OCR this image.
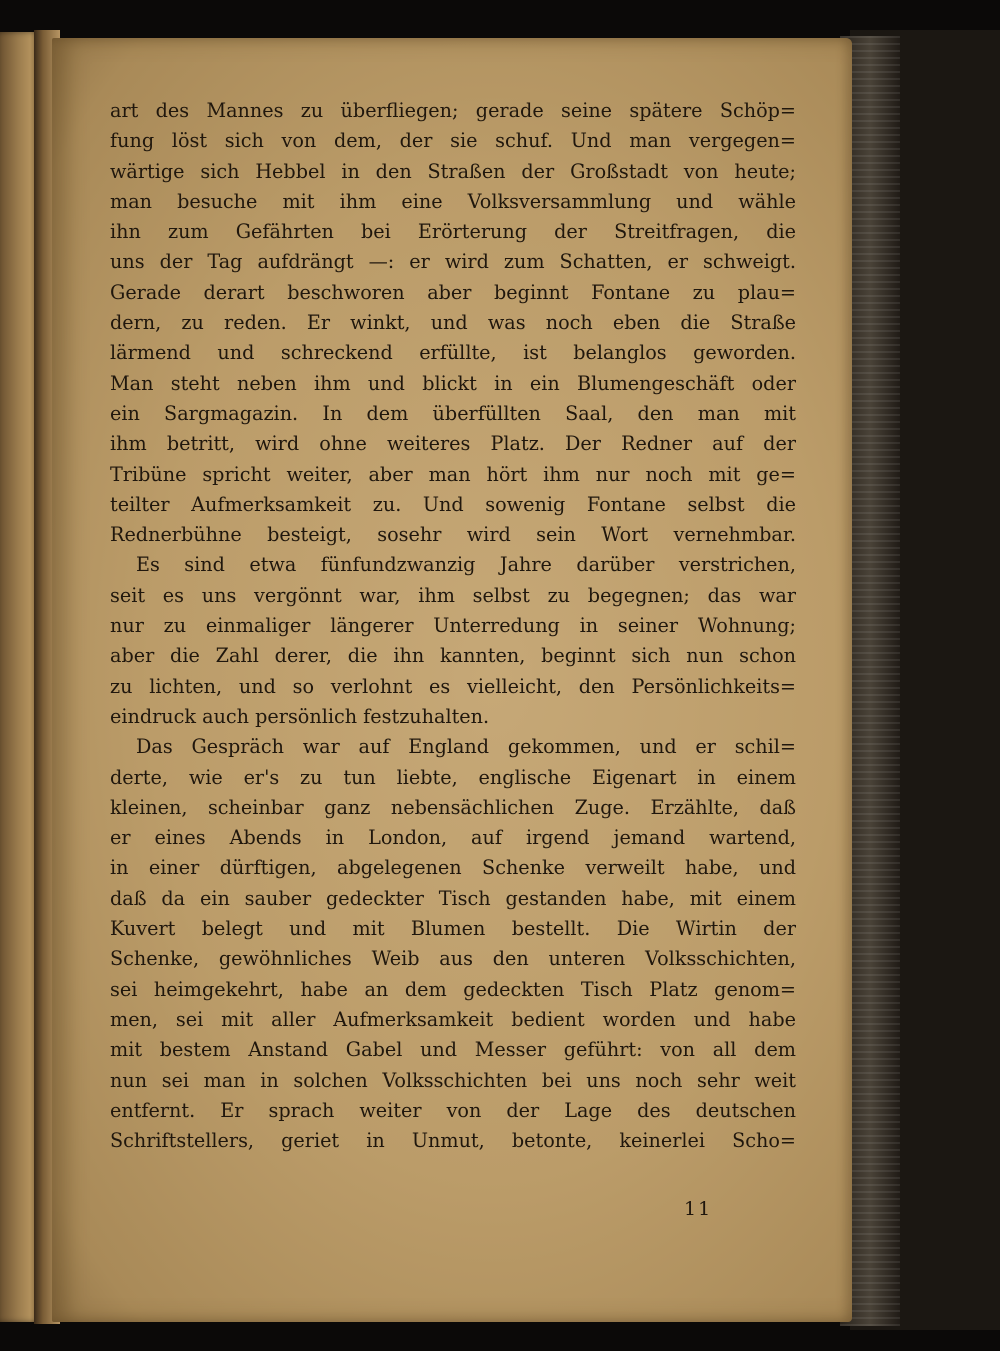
art des Mannes zu überfliegen; gerade seine spätere Schöp=
fung löst sich von dem, der sie schuf. Und man vergegen=
wärtige sich Hebbel in den Straßen der Großstadt von heute;
man besuche mit ihm eine Volksversammlung und wähle
ihn zum Gefährten bei Erörterung der Streitfragen, die
uns der Tag aufdrängt —: er wird zum Schatten, er schweigt.
Gerade derart beschworen aber beginnt Fontane zu plau=
dern, zu reden. Er winkt, und was noch eben die Straße
lärmend und schreckend erfüllte, ist belanglos geworden.
Man steht neben ihm und blickt in ein Blumengeschäft oder
ein Sargmagazin. In dem überfüllten Saal, den man mit
ihm betritt, wird ohne weiteres Platz. Der Redner auf der
Tribüne spricht weiter, aber man hört ihm nur noch mit ge=
teilter Aufmerksamkeit zu. Und sowenig Fontane selbst die
Rednerbühne besteigt, sosehr wird sein Wort vernehmbar.
Es sind etwa fünfundzwanzig Jahre darüber verstrichen,
seit es uns vergönnt war, ihm selbst zu begegnen; das war
nur zu einmaliger längerer Unterredung in seiner Wohnung;
aber die Zahl derer, die ihn kannten, beginnt sich nun schon
zu lichten, und so verlohnt es vielleicht, den Persönlichkeits=
eindruck auch persönlich festzuhalten.
Das Gespräch war auf England gekommen, und er schil=
derte, wie er's zu tun liebte, englische Eigenart in einem
kleinen, scheinbar ganz nebensächlichen Zuge. Erzählte, daß
er eines Abends in London, auf irgend jemand wartend,
in einer dürftigen, abgelegenen Schenke verweilt habe, und
daß da ein sauber gedeckter Tisch gestanden habe, mit einem
Kuvert belegt und mit Blumen bestellt. Die Wirtin der
Schenke, gewöhnliches Weib aus den unteren Volksschichten,
sei heimgekehrt, habe an dem gedeckten Tisch Platz genom=
men, sei mit aller Aufmerksamkeit bedient worden und habe
mit bestem Anstand Gabel und Messer geführt: von all dem
nun sei man in solchen Volksschichten bei uns noch sehr weit
entfernt. Er sprach weiter von der Lage des deutschen
Schriftstellers, geriet in Unmut, betonte, keinerlei Scho=
11
